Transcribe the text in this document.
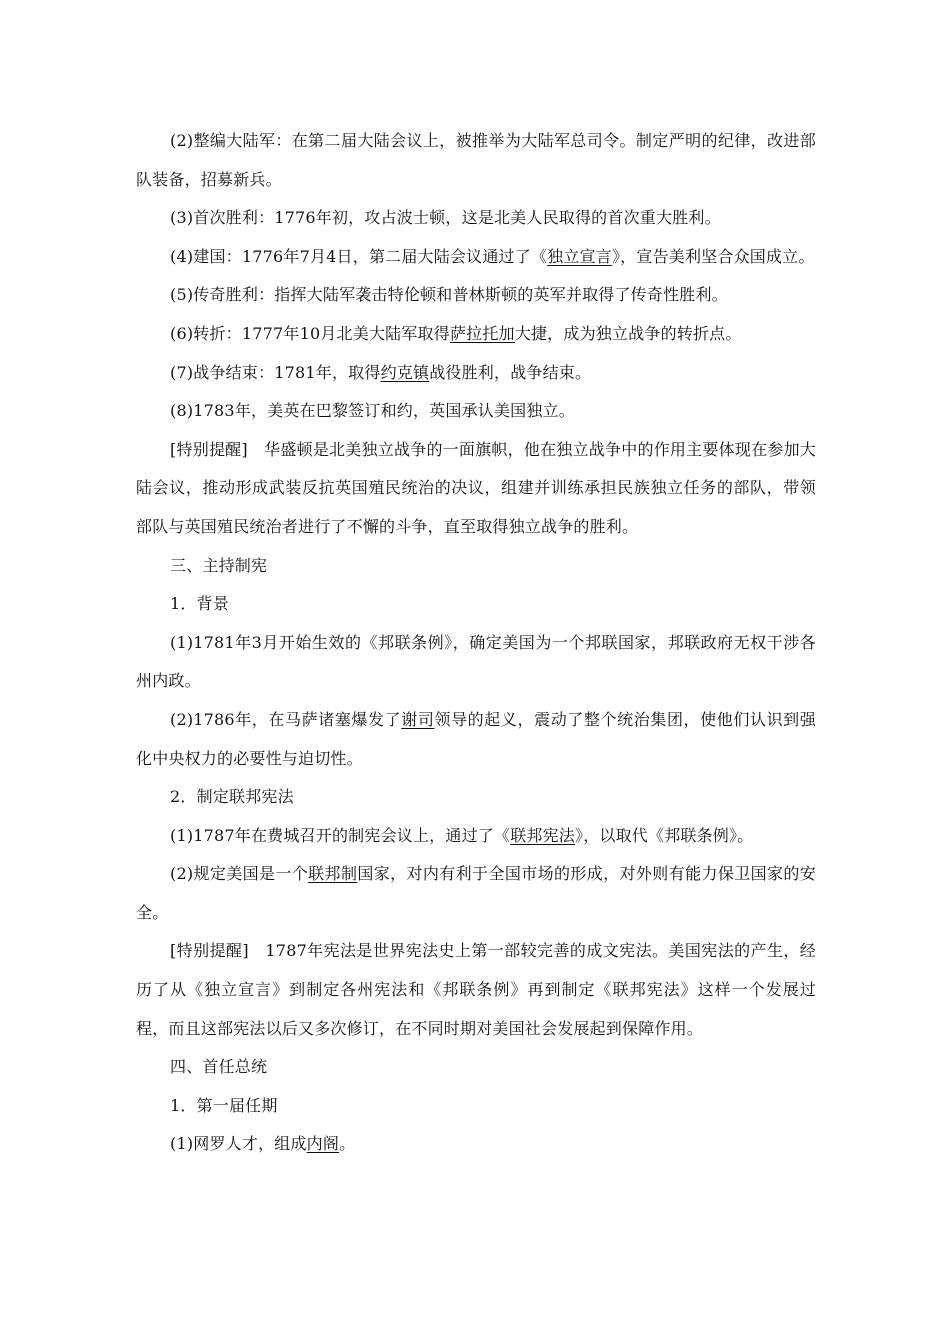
(2)整编大陆军：在第二届大陆会议上，被推举为大陆军总司令。制定严明的纪律，改进部队装备，招募新兵。

(3)首次胜利：1776年初，攻占波士顿，这是北美人民取得的首次重大胜利。

(4)建国：1776年7月4日，第二届大陆会议通过了《独立宣言》，宣告美利坚合众国成立。

(5)传奇胜利：指挥大陆军袭击特伦顿和普林斯顿的英军并取得了传奇性胜利。

(6)转折：1777年10月北美大陆军取得萨拉托加大捷，成为独立战争的转折点。

(7)战争结束：1781年，取得约克镇战役胜利，战争结束。

(8)1783年，美英在巴黎签订和约，英国承认美国独立。

[特别提醒]　华盛顿是北美独立战争的一面旗帜，他在独立战争中的作用主要体现在参加大陆会议，推动形成武装反抗英国殖民统治的决议，组建并训练承担民族独立任务的部队，带领部队与英国殖民统治者进行了不懈的斗争，直至取得独立战争的胜利。

三、主持制宪

1．背景

(1)1781年3月开始生效的《邦联条例》，确定美国为一个邦联国家，邦联政府无权干涉各州内政。

(2)1786年，在马萨诸塞爆发了谢司领导的起义，震动了整个统治集团，使他们认识到强化中央权力的必要性与迫切性。

2．制定联邦宪法

(1)1787年在费城召开的制宪会议上，通过了《联邦宪法》，以取代《邦联条例》。

(2)规定美国是一个联邦制国家，对内有利于全国市场的形成，对外则有能力保卫国家的安全。

[特别提醒]　1787年宪法是世界宪法史上第一部较完善的成文宪法。美国宪法的产生，经历了从《独立宣言》到制定各州宪法和《邦联条例》再到制定《联邦宪法》这样一个发展过程，而且这部宪法以后又多次修订，在不同时期对美国社会发展起到保障作用。

四、首任总统

1．第一届任期

(1)网罗人才，组成内阁。
